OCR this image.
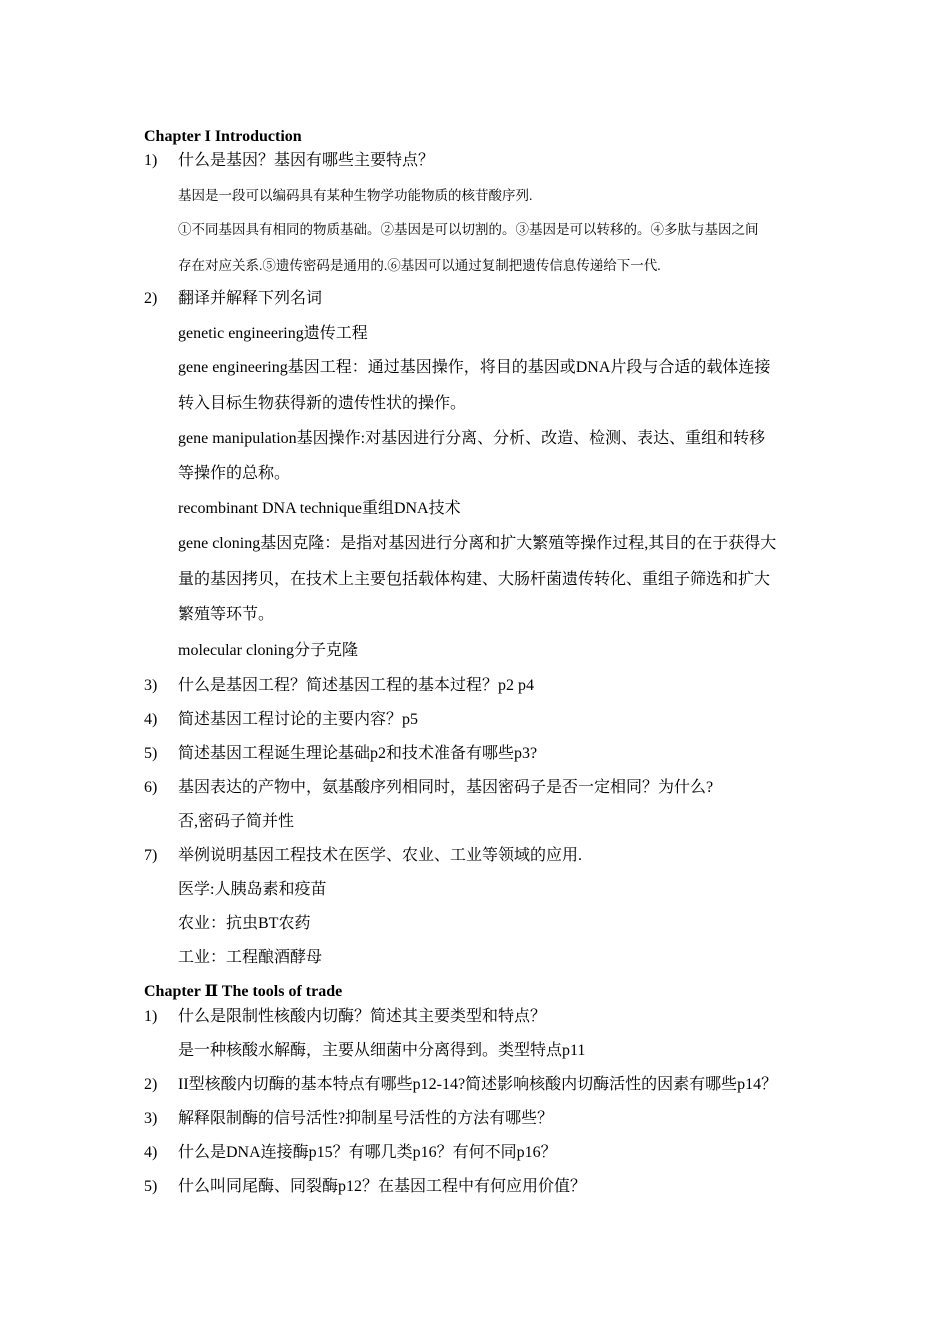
Chapter I Introduction
1) 什么是基因？基因有哪些主要特点？
基因是一段可以编码具有某种生物学功能物质的核苷酸序列.
①不同基因具有相同的物质基础。②基因是可以切割的。③基因是可以转移的。④多肽与基因之间
存在对应关系.⑤遗传密码是通用的.⑥基因可以通过复制把遗传信息传递给下一代.
2) 翻译并解释下列名词
genetic engineering遗传工程
gene engineering基因工程：通过基因操作，将目的基因或DNA片段与合适的载体连接
转入目标生物获得新的遗传性状的操作。
gene manipulation基因操作:对基因进行分离、分析、改造、检测、表达、重组和转移
等操作的总称。
recombinant DNA technique重组DNA技术
gene cloning基因克隆：是指对基因进行分离和扩大繁殖等操作过程,其目的在于获得大
量的基因拷贝，在技术上主要包括载体构建、大肠杆菌遗传转化、重组子筛选和扩大
繁殖等环节。
molecular cloning分子克隆
3) 什么是基因工程？简述基因工程的基本过程？p2 p4
4) 简述基因工程讨论的主要内容？p5
5) 简述基因工程诞生理论基础p2和技术准备有哪些p3?
6) 基因表达的产物中，氨基酸序列相同时，基因密码子是否一定相同？为什么?
否,密码子简并性
7) 举例说明基因工程技术在医学、农业、工业等领域的应用.
医学:人胰岛素和疫苗
农业：抗虫BT农药
工业：工程酿酒酵母
Chapter Ⅱ The tools of trade
1) 什么是限制性核酸内切酶？简述其主要类型和特点？
是一种核酸水解酶，主要从细菌中分离得到。类型特点p11
2) II型核酸内切酶的基本特点有哪些p12-14?简述影响核酸内切酶活性的因素有哪些p14？
3) 解释限制酶的信号活性?抑制星号活性的方法有哪些？
4) 什么是DNA连接酶p15？有哪几类p16？有何不同p16？
5) 什么叫同尾酶、同裂酶p12？在基因工程中有何应用价值？
